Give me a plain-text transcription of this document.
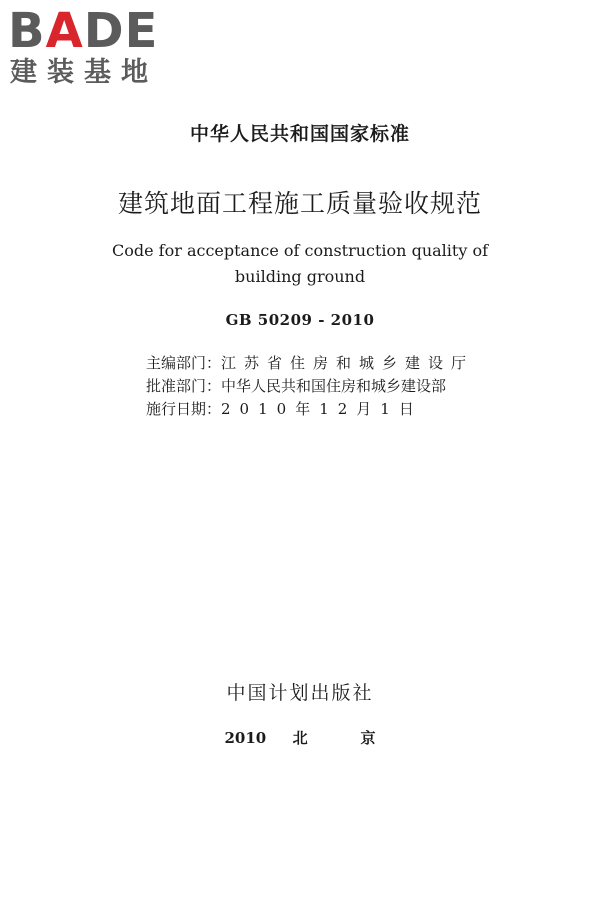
BADE
建装基地
中华人民共和国国家标准
建筑地面工程施工质量验收规范
Code for acceptance of construction quality of
building ground
GB 50209 - 2010
主编部门：江苏省住房和城乡建设厅
批准部门：中华人民共和国住房和城乡建设部
施行日期：2010年12月1日
中国计划出版社
2010  北    京
